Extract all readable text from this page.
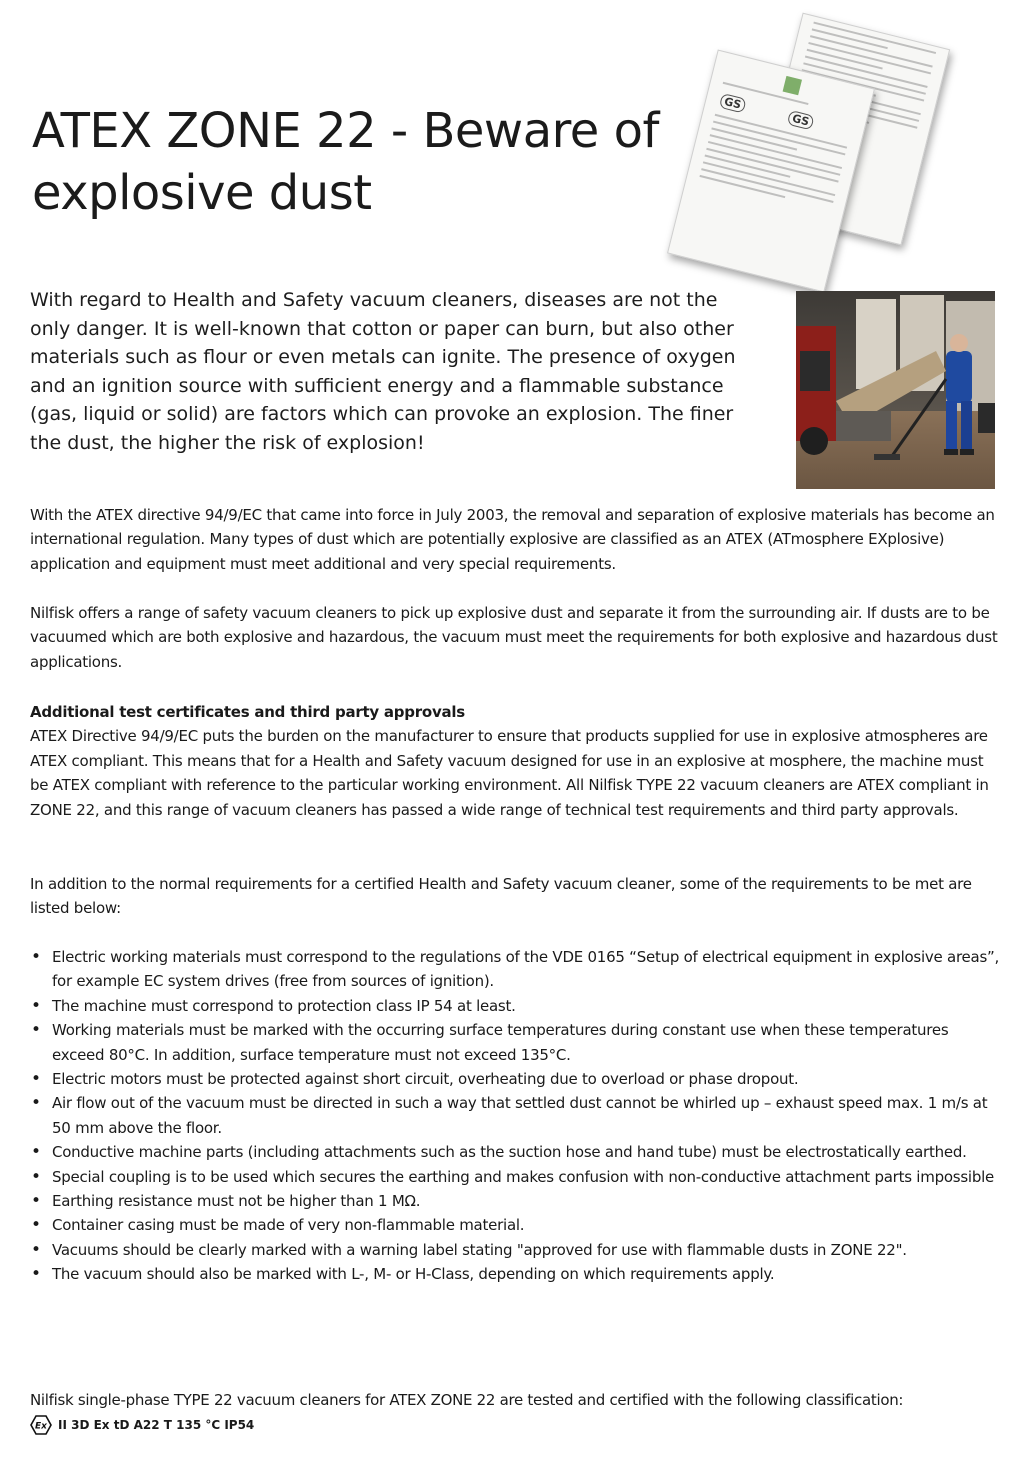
ATEX ZONE 22 - Beware of explosive dust
GS GS

With regard to Health and Safety vacuum cleaners, diseases are not the only danger. It is well-known that cotton or paper can burn, but also other materials such as flour or even metals can ignite. The presence of oxygen and an ignition source with sufficient energy and a flammable substance (gas, liquid or solid) are factors which can provoke an explosion. The finer the dust, the higher the risk of explosion!

With the ATEX directive 94/9/EC that came into force in July 2003, the removal and separation of explosive materials has become an international regulation. Many types of dust which are potentially explosive are classified as an ATEX (ATmosphere EXplosive) application and equipment must meet additional and very special requirements.

Nilfisk offers a range of safety vacuum cleaners to pick up explosive dust and separate it from the surrounding air. If dusts are to be vacuumed which are both explosive and hazardous, the vacuum must meet the requirements for both explosive and hazardous dust applications.

Additional test certificates and third party approvals
ATEX Directive 94/9/EC puts the burden on the manufacturer to ensure that products supplied for use in explosive atmospheres are ATEX compliant. This means that for a Health and Safety vacuum designed for use in an explosive at mosphere, the machine must be ATEX compliant with reference to the particular working environment. All Nilfisk TYPE 22 vacuum cleaners are ATEX compliant in ZONE 22, and this range of vacuum cleaners has passed a wide range of technical test requirements and third party approvals.

In addition to the normal requirements for a certified Health and Safety vacuum cleaner, some of the requirements to be met are listed below:

• Electric working materials must correspond to the regulations of the VDE 0165 “Setup of electrical equipment in explosive areas”, for example EC system drives (free from sources of ignition).
• The machine must correspond to protection class IP 54 at least.
• Working materials must be marked with the occurring surface temperatures during constant use when these temperatures exceed 80°C. In addition, surface temperature must not exceed 135°C.
• Electric motors must be protected against short circuit, overheating due to overload or phase dropout.
• Air flow out of the vacuum must be directed in such a way that settled dust cannot be whirled up – exhaust speed max. 1 m/s at 50 mm above the floor.
• Conductive machine parts (including attachments such as the suction hose and hand tube) must be electrostatically earthed.
• Special coupling is to be used which secures the earthing and makes confusion with non-conductive attachment parts impossible
• Earthing resistance must not be higher than 1 MΩ.
• Container casing must be made of very non-flammable material.
• Vacuums should be clearly marked with a warning label stating "approved for use with flammable dusts in ZONE 22".
• The vacuum should also be marked with L-, M- or H-Class, depending on which requirements apply.

Nilfisk single-phase TYPE 22 vacuum cleaners for ATEX ZONE 22 are tested and certified with the following classification:

Ex II 3D Ex tD A22 T 135 °C IP54
